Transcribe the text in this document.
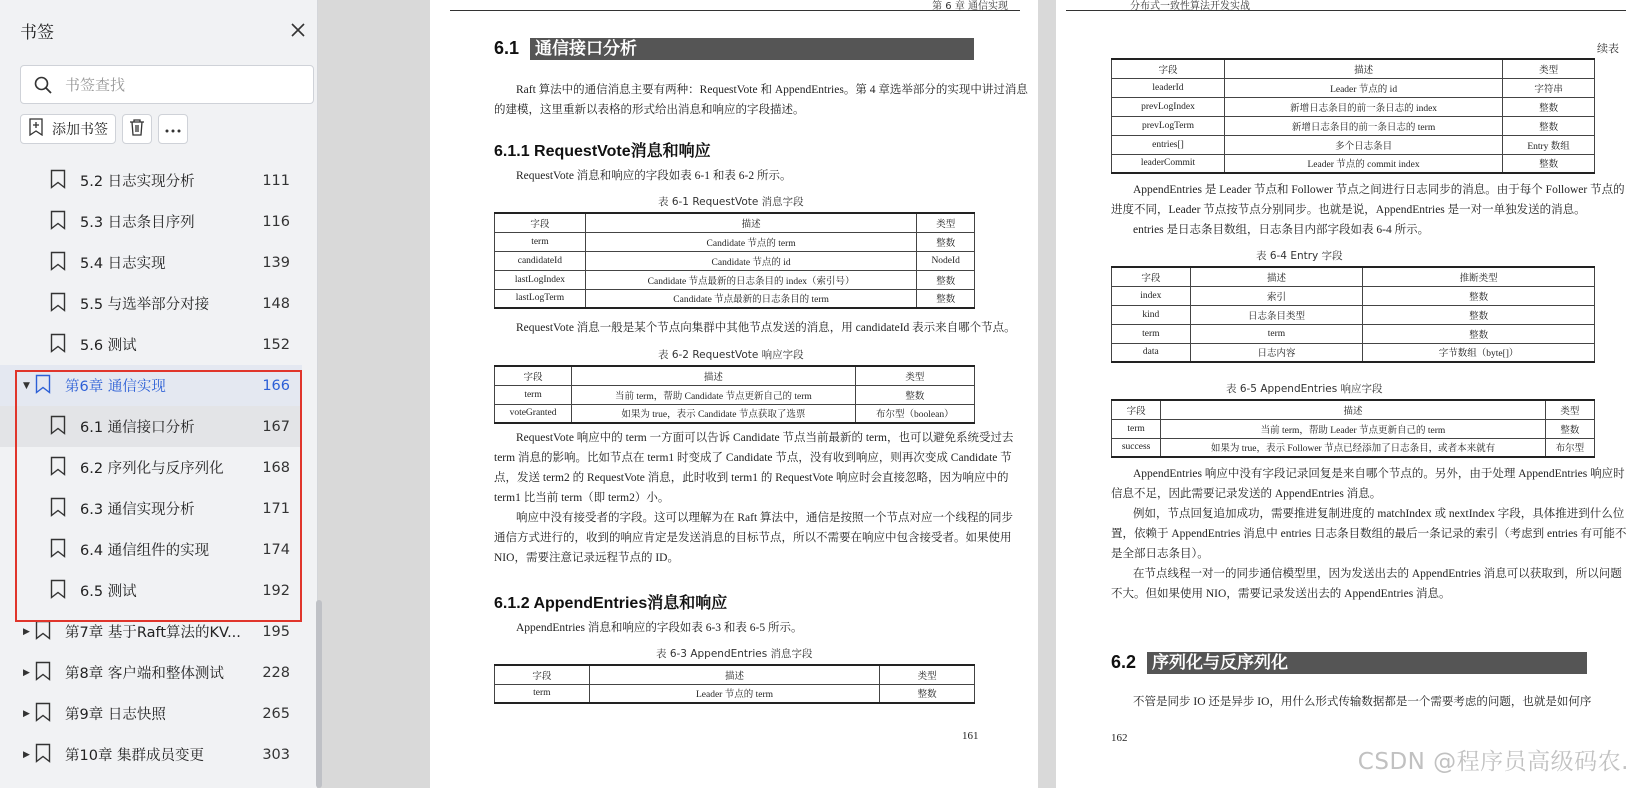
书签
书签查找
添加书签
5.2 日志实现分析	111
5.3 日志条目序列	116
5.4 日志实现	139
5.5 与选举部分对接	148
5.6 测试	152
▼ 第6章 通信实现	166
6.1 通信接口分析	167
6.2 序列化与反序列化	168
6.3 通信实现分析	171
6.4 通信组件的实现	174
6.5 测试	192
▶ 第7章 基于Raft算法的KV... 195
▶ 第8章 客户端和整体测试	228
▶ 第9章 日志快照	265
▶ 第10章 集群成员变更	303
第 6 章 通信实现
6.1 通信接口分析
Raft 算法中的通信消息主要有两种：RequestVote 和 AppendEntries。第 4 章选举部分的实现中讲过消息的建模，这里重新以表格的形式给出消息和响应的字段描述。
6.1.1 RequestVote消息和响应
RequestVote 消息和响应的字段如表 6-1 和表 6-2 所示。
表 6-1 RequestVote 消息字段
字段	描述	类型
term	Candidate 节点的 term	整数
candidateId	Candidate 节点的 id	NodeId
lastLogIndex	Candidate 节点最新的日志条目的 index（索引号）	整数
lastLogTerm	Candidate 节点最新的日志条目的 term	整数
RequestVote 消息一般是某个节点向集群中其他节点发送的消息，用 candidateId 表示来自哪个节点。
表 6-2 RequestVote 响应字段
字段	描述	类型
term	当前 term，帮助 Candidate 节点更新自己的 term	整数
voteGranted	如果为 true，表示 Candidate 节点获取了选票	布尔型（boolean）
RequestVote 响应中的 term 一方面可以告诉 Candidate 节点当前最新的 term，也可以避免系统受过去 term 消息的影响。比如节点在 term1 时变成了 Candidate 节点，没有收到响应，则再次变成 Candidate 节点，发送 term2 的 RequestVote 消息，此时收到 term1 的 RequestVote 响应时会直接忽略，因为响应中的 term1 比当前 term（即 term2）小。
响应中没有接受者的字段。这可以理解为在 Raft 算法中，通信是按照一个节点对应一个线程的同步通信方式进行的，收到的响应肯定是发送消息的目标节点，所以不需要在响应中包含接受者。如果使用 NIO，需要注意记录远程节点的 ID。
6.1.2 AppendEntries消息和响应
AppendEntries 消息和响应的字段如表 6-3 和表 6-5 所示。
表 6-3 AppendEntries 消息字段
字段	描述	类型
term	Leader 节点的 term	整数
161
分布式一致性算法开发实战
续表
字段	描述	类型
leaderId	Leader 节点的 id	字符串
prevLogIndex	新增日志条目的前一条日志的 index	整数
prevLogTerm	新增日志条目的前一条日志的 term	整数
entries[]	多个日志条目	Entry 数组
leaderCommit	Leader 节点的 commit index	整数
AppendEntries 是 Leader 节点和 Follower 节点之间进行日志同步的消息。由于每个 Follower 节点的进度不同，Leader 节点按节点分别同步。也就是说，AppendEntries 是一对一单独发送的消息。
entries 是日志条目数组，日志条目内部字段如表 6-4 所示。
表 6-4 Entry 字段
字段	描述	推断类型
index	索引	整数
kind	日志条目类型	整数
term	term	整数
data	日志内容	字节数组（byte[]）
表 6-5 AppendEntries 响应字段
字段	描述	类型
term	当前 term，帮助 Leader 节点更新自己的 term	整数
success	如果为 true，表示 Follower 节点已经添加了日志条目，或者本来就有	布尔型
AppendEntries 响应中没有字段记录回复是来自哪个节点的。另外，由于处理 AppendEntries 响应时信息不足，因此需要记录发送的 AppendEntries 消息。
例如，节点回复追加成功，需要推进复制进度的 matchIndex 或 nextIndex 字段，具体推进到什么位置，依赖于 AppendEntries 消息中 entries 日志条目数组的最后一条记录的索引（考虑到 entries 有可能不是全部日志条目）。
在节点线程一对一的同步通信模型里，因为发送出去的 AppendEntries 消息可以获取到，所以问题不大。但如果使用 NIO，需要记录发送出去的 AppendEntries 消息。
6.2 序列化与反序列化
不管是同步 IO 还是异步 IO，用什么形式传输数据都是一个需要考虑的问题，也就是如何序
162
CSDN @程序员高级码农.
